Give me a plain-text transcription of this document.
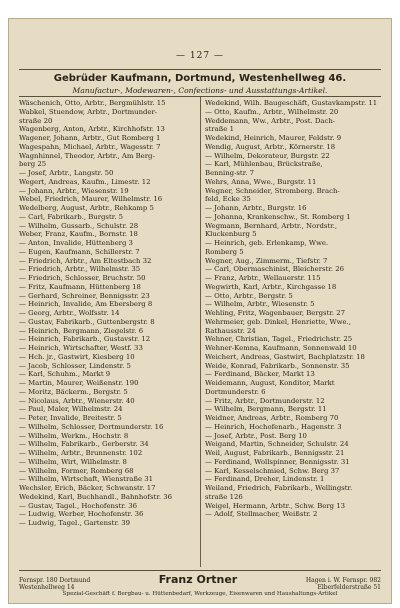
— 127 —
Gebrüder Kaufmann, Dortmund, Westenhellweg 46.
Manufactur-, Modewaren-, Confections- und Ausstattungs-Artikel.
Wäschenich, Otto, Arbtr., Bergmühlstr. 15
Wabkel, Stuendow, Arbtr., Dortmunder-
straße 20
Wagenberg, Anton, Arbtr., Kirchhofstr. 13
Wagener, Johann, Arbtr., Gut Romberg 1
Wagespahn, Michael, Arbtr., Wagesstr. 7
Wagnhinnel, Theodor, Arbtr., Am Berg-
berg 25
— Josef, Arbtr., Langstr. 50
Wegert, Andreas, Kaufm., Limestr. 12
— Johann, Arbtr., Wiesenstr. 19
Webel, Friedrich, Maurer, Wilhelmstr. 16
Wedelberg, August, Arbtr., Rehkamp 5
— Carl, Fabrikarb., Burgstr. 5
— Wilhelm, Gussarb., Schulstr. 28
Weber, Franz, Kaufm., Bornstr. 18
— Anton, Invalide, Hüttenberg 3
— Eugen, Kaufmann, Schillerstr. 7
— Friedrich, Arbtr., Am Eltestbach 32
— Friedrich, Arbtr., Wilhelmstr. 35
— Friedrich, Schlosser, Bruchstr. 50
— Fritz, Kaufmann, Hüttenberg 18
— Gerhard, Schreiner, Bennigsstr. 23
— Heinrich, Invalide, Am Ebersberg 8
— Georg, Arbtr., Wolfsstr. 14
— Gustav, Fabrikarb., Guttenbergstr. 8
— Heinrich, Bergmann, Ziegelstr. 6
— Heinrich, Fabrikarb., Gustavstr. 12
— Heinrich, Wirtschafter, Westf. 33
— Hch. jr., Gastwirt, Kiesberg 10
— Jacob, Schlosser, Lindenstr. 5
— Karl, Schuhm., Markt 9
— Martin, Maurer, Weißenstr. 190
— Moritz, Bäckerm., Bergstr. 5
— Nicolaus, Arbtr., Wienerstr. 40
— Paul, Maler, Wilhelmstr. 24
— Peter, Invalide, Breitestr. 5
— Wilhelm, Schlosser, Dortmunderstr. 16
— Wilhelm, Werkm., Hochstr. 8
— Wilhelm, Fabrikarb., Gerberstr. 34
— Wilhelm, Arbtr., Brunnenstr. 102
— Wilhelm, Wirt, Wilhelmstr. 8
— Wilhelm, Former, Romberg 68
— Wilhelm, Wirtschaft, Wienstraße 31
Wechsler, Erich, Bäcker, Schwanstr. 17
Wedekind, Karl, Buchhandl., Bahnhofstr. 36
— Gustav, Tagel., Hochofenstr. 36
— Ludwig, Werber, Hochofenstr. 36
— Ludwig, Tagel., Gartenstr. 39
Wedekind, Wilh. Baugeschäft, Gustavkampstr. 11
— Otto, Kaufm., Arbtr., Wilhelmstr. 20
Weddemann, Ww., Arbtr., Post. Dach-
straße 1
Wedekind, Heinrich, Maurer, Feldstr. 9
Wendig, August, Arbtr., Körnerstr. 18
— Wilhelm, Dekorateur, Burgstr. 22
— Karl, Mühlenbau, Brückstraße,
Benning-str. 7
Wehrs, Anna, Wwe., Burgstr. 11
Wegner, Schneider, Stromberg. Brach-
feld, Ecke 35
— Johann, Arbtr., Burgstr. 16
— Johanna, Krankenschw., St. Romberg 1
Wegmann, Bernhard, Arbtr., Nordstr.,
Kluckenburg 5
— Heinrich, geb. Erlenkamp, Wwe.
Romberg 5
Wegner, Aug., Zimmerm., Tiefstr. 7
— Carl, Obermaschinist, Bleicherstr. 26
— Franz, Arbtr., Wellauerstr. 115
Wegwirth, Karl, Arbtr., Kirchgasse 18
— Otto, Arbtr., Bergstr. 5
— Wilhelm, Arbtr., Wiesenstr. 5
Wehling, Fritz, Wagenbauer, Bergstr. 27
Wehrmeier, geb. Dinkel, Henriette, Wwe.,
Rathausstr. 24
Wehner, Christian, Tagel., Friedrichstr. 25
Wehner-Kemna, Kaufmann, Sonnenwald 10
Weichert, Andreas, Gastwirt, Bachplatzstr. 18
Weide, Konrad, Fabrikarb., Sonnenstr. 35
— Ferdinand, Bäcker, Markt 13
Weidemann, August, Konditor, Markt
Dortmunderstr. 6
— Fritz, Arbtr., Dortmunderstr. 12
— Wilhelm, Bergmann, Bergstr. 11
Weidner, Andreas, Arbtr., Romberg 70
— Heinrich, Hochofenarb., Hagenstr. 3
— Josef, Arbtr., Post. Berg 10
Weigand, Martin, Schneider, Schulstr. 24
Weil, August, Fabrikarb., Bennigsstr. 21
— Ferdinand, Wollspinner, Bennigsstr. 31
— Karl, Kesselschmied, Schw. Berg 37
— Ferdinand, Dreher, Lindenstr. 1
Weiland, Friedrich, Fabrikarb., Wellingstr.
straße 126
Weigel, Hermann, Arbtr., Schw. Berg 13
— Adolf, Stellmacher, Weißstr. 2
Fernspr. 180 Dortmund
Westenhellweg 14
Franz Ortner	Hagen i. W. Fernspr. 982
Elberfelderstraße 51
Spezial-Geschäft f. Bergbau- u. Hüttenbedarf, Werkzeuge, Eisenwaren und Haushaltungs-Artikel
